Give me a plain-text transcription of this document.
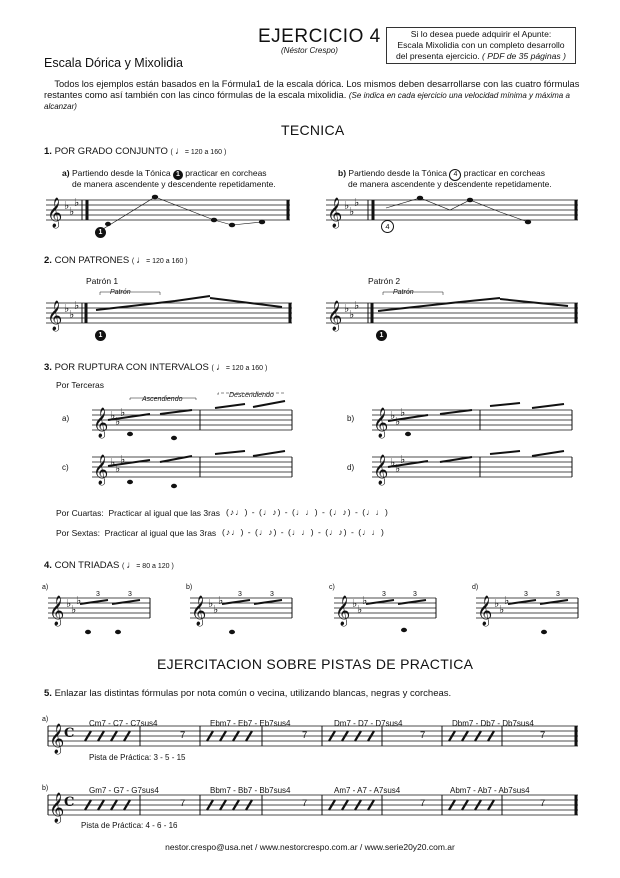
EJERCICIO 4
(Néstor Crespo)
Escala Dórica y Mixolidia
Si lo desea puede adquirir el Apunte:
Escala Mixolidia con un completo desarrollo
del presenta ejercicio. ( PDF de 35 páginas )
Todos los ejemplos están basados en la Fórmula1 de la escala dórica. Los mismos deben desarrollarse con las cuatro fórmulas restantes como así también con las cinco fórmulas de la escala mixolidia. (Se indica en cada ejercicio una velocidad mínima y máxima a alcanzar)
TECNICA
1. POR GRADO CONJUNTO ( ♩= 120 a 160 )
a) Partiendo desde la Tónica 1 practicar en corcheas
de manera ascendente y descendente repetidamente.
b) Partiendo desde la Tónica 4 practicar en corcheas
de manera ascendente y descendente repetidamente.
2. CON PATRONES ( ♩= 120 a 160 )
Patrón 1	Patrón 2
Patrón	Patrón
3. POR RUPTURA CON INTERVALOS ( ♩= 120 a 160 )
Por Terceras
Ascendiendo
Descendiendo
a)	b)
c)	d)
Por Cuartas: Practicar al igual que las 3ras
Por Sextas: Practicar al igual que las 3ras
4. CON TRIADAS ( ♩= 80 a 120 )
a)	b)	c)	d)
EJERCITACION SOBRE PISTAS DE PRACTICA
5. Enlazar las distintas fórmulas por nota común o vecina, utilizando blancas, negras y corcheas.
a)	Cm7 - C7 - C7sus4	Ebm7 - Eb7 - Eb7sus4	Dm7 - D7 - D7sus4	Dbm7 - Db7 - Db7sus4
Pista de Práctica: 3 - 5 - 15
b)	Gm7 - G7 - G7sus4	Bbm7 - Bb7 - Bb7sus4	Am7 - A7 - A7sus4	Abm7 - Ab7 - Ab7sus4
Pista de Práctica: 4 - 6 - 16
7	7	7	7
7	7	7	7
C
C
3	3	3	3	3	3	3	3
1
4
1	1
(♪♩) - (♩♪) - (♩♩) - (♩♪) - (♩♩)
(♪♩) - (♩♪) - (♩♩) - (♩♪) - (♩♩)
𝄞	𝄞
𝄞	𝄞
𝄞	𝄞
𝄞	𝄞
𝄞	𝄞	𝄞	𝄞
𝄞
𝄞
♭ ♭
♭	♭ ♭
♭
♭ ♭
♭	♭ ♭
♭
♭ ♭
♭	♭ ♭
♭
♭ ♭
♭	♭ ♭
♭
♭ ♭
♭	♭ ♭
♭	♭ ♭
♭	♭ ♭
♭
nestor.crespo@usa.net / www.nestorcrespo.com.ar / www.serie20y20.com.ar
